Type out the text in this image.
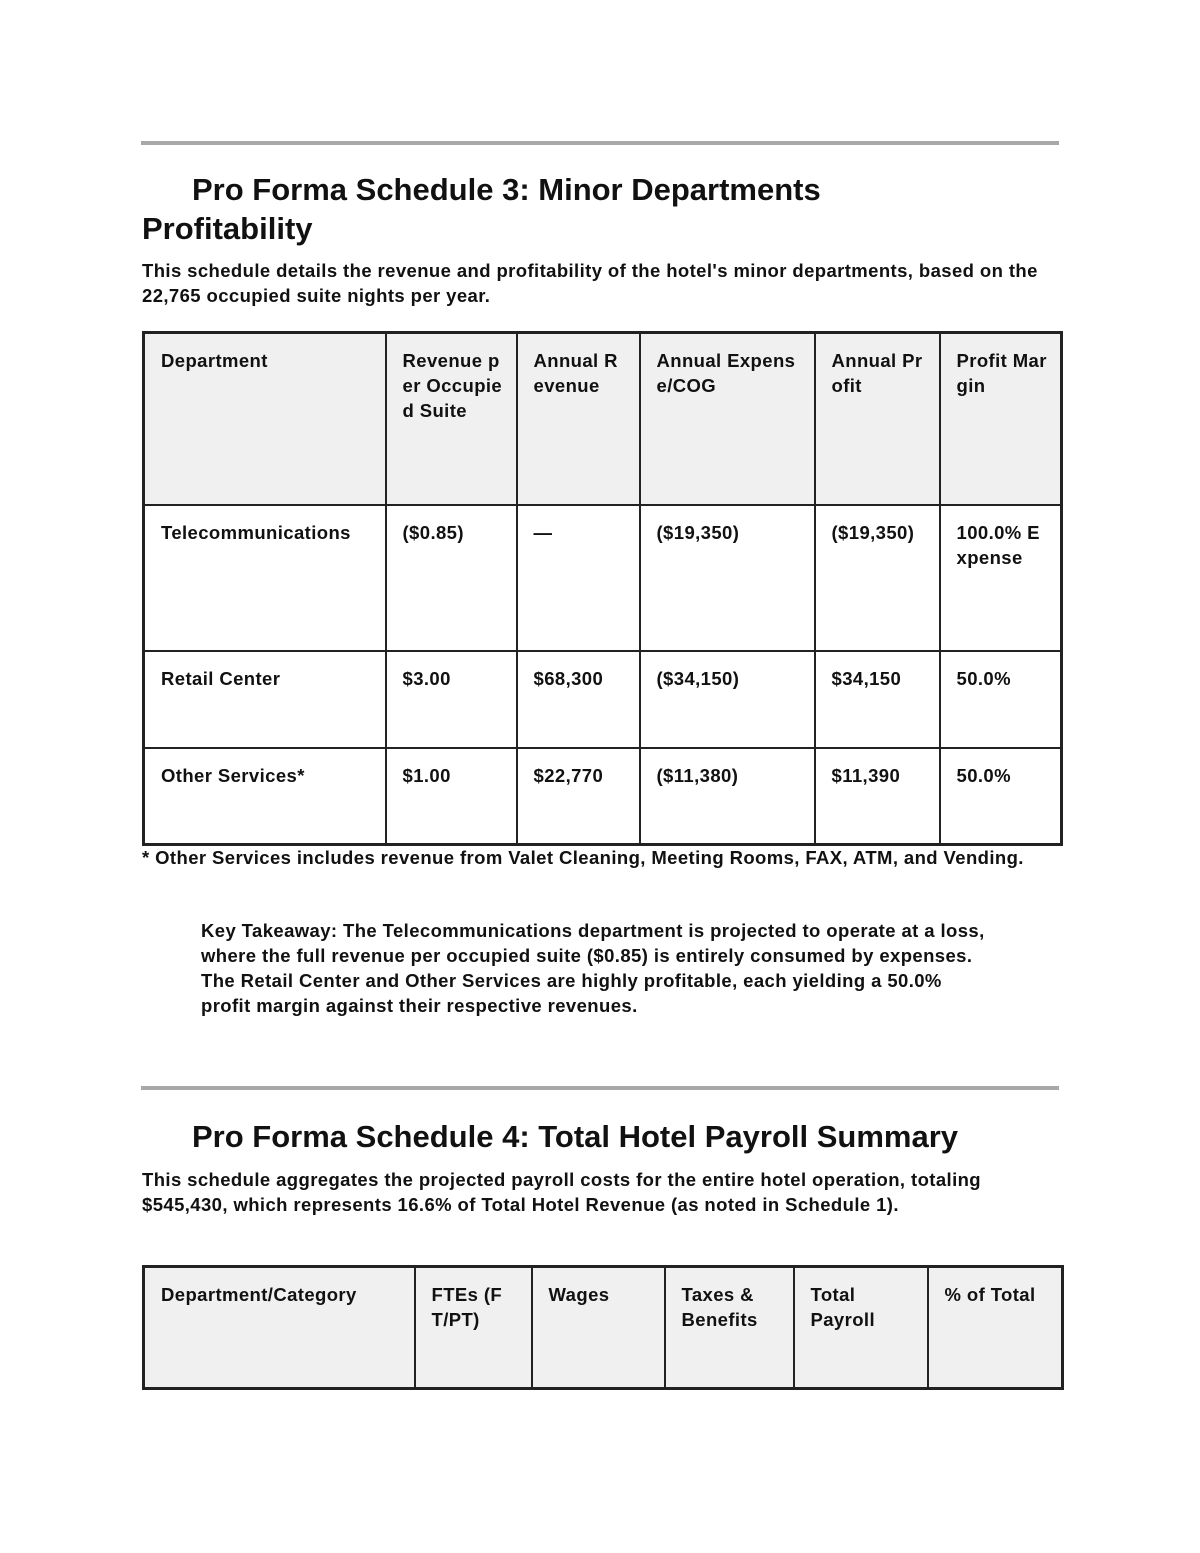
Pro Forma Schedule 3: Minor Departments
Profitability

This schedule details the revenue and profitability of the hotel's minor departments, based on the 22,765 occupied suite nights per year.

Department	Revenue per Occupied Suite	Annual Revenue	Annual Expense/COG	Annual Profit	Profit Margin
Telecommunications	($0.85)	—	($19,350)	($19,350)	100.0% Expense
Retail Center	$3.00	$68,300	($34,150)	$34,150	50.0%
Other Services*	$1.00	$22,770	($11,380)	$11,390	50.0%

* Other Services includes revenue from Valet Cleaning, Meeting Rooms, FAX, ATM, and Vending.

Key Takeaway: The Telecommunications department is projected to operate at a loss, where the full revenue per occupied suite ($0.85) is entirely consumed by expenses. The Retail Center and Other Services are highly profitable, each yielding a 50.0% profit margin against their respective revenues.

Pro Forma Schedule 4: Total Hotel Payroll Summary

This schedule aggregates the projected payroll costs for the entire hotel operation, totaling $545,430, which represents 16.6% of Total Hotel Revenue (as noted in Schedule 1).

Department/Category	FTEs (FT/PT)	Wages	Taxes & Benefits	Total Payroll	% of Total
